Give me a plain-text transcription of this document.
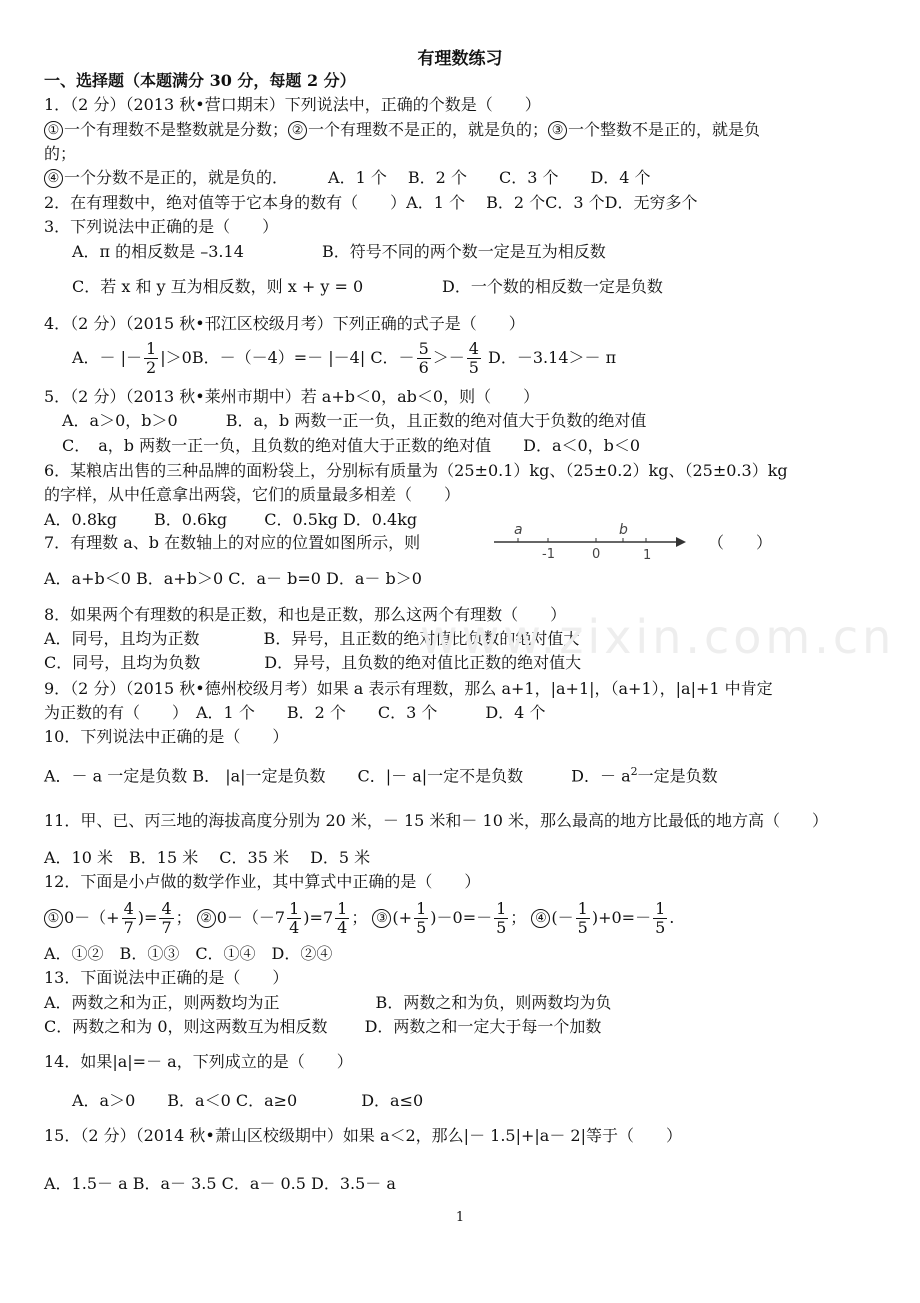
有理数练习
一、选择题（本题满分 30 分，每题 2 分）
1．（2 分）（2013 秋•营口期末）下列说法中，正确的个数是（　　）
① 一个有理数不是整数就是分数； ② 一个有理数不是正的，就是负的； ③ 一个整数不是正的，就是负
的；
④ 一个分数不是正的，就是负的．	A．1 个　 B．2 个　　C．3 个　　D．4 个
2．在有理数中，绝对值等于它本身的数有（　　）A．1 个　 B．2 个C．3 个D．无穷多个
3．下列说法中正确的是（　　）
A．π 的相反数是 –3.14	B．符号不同的两个数一定是互为相反数
C．若 x 和 y 互为相反数，则 x + y = 0	D．一个数的相反数一定是负数
4．（2 分）（2015 秋•邗江区校级月考）下列正确的式子是（　　）
A．－ |－ $\frac{1}{2} |>0B$．－（－4）=－ |－4| C．－ $\frac{5}{6} >- \frac{4}{5}$ D．－3.14＞－ π
5．（2 分）（2013 秋•莱州市期中）若 a+b＜0，ab＜0，则（　　）
A．a＞0，b＞0　　　B．a，b 两数一正一负，且正数的绝对值大于负数的绝对值
C．　a，b 两数一正一负，且负数的绝对值大于正数的绝对值　　D．a＜0，b＜0
6．某粮店出售的三种品牌的面粉袋上，分别标有质量为（25±0.1）kg、（25±0.2）kg、（25±0.3）kg
的字样，从中任意拿出两袋，它们的质量最多相差（　　）
A．0.8kg　　 B．0.6kg　　 C．0.5kg D．0.4kg
7．有理数 a、b 在数轴上的对应的位置如图所示，则
a	b
-1	0	1
（　　）
A．a+b＜0 B．a+b＞0 C．a－ b=0 D．a－ b＞0
8．如果两个有理数的积是正数，和也是正数，那么这两个有理数（　　）
A．同号，且均为正数　　　　B．异号，且正数的绝对值比负数的绝对值大
C．同号，且均为负数　　　　D．异号，且负数的绝对值比正数的绝对值大
9．（2 分）（2015 秋•德州校级月考）如果 a 表示有理数，那么 a+1，|a+1|，（a+1），|a|+1 中肯定
为正数的有（　　）　A．1 个　　B．2 个　　C．3 个　　　D．4 个
10．下列说法中正确的是（　　）
A．－ a 一定是负数 B． |a|一定是负数　　C．|－ a|一定不是负数　　　D．－ $a^2$一定是负数
11．甲、已、丙三地的海拔高度分别为 20 米，－ 15 米和－ 10 米，那么最高的地方比最低的地方高（　　）
A．10 米　B．15 米　 C．35 米　 D．5 米
12．下面是小卢做的数学作业，其中算式中正确的是（　　）
① $0-(+ \frac{4}{7}$ )= $\frac{4}{7}$ ； ② $0-(-7 \frac{1}{4} )=7 \frac{1}{4}$ ； ③ (+ $\frac{1}{5} )-0=- \frac{1}{5}$ ； ④ (－ $\frac{1}{5} )+0=- \frac{1}{5}$ .
A．①②　B．①③　C．①④　D．②④
13．下面说法中正确的是（　　）
A．两数之和为正，则两数均为正　　　　　　B．两数之和为负，则两数均为负
C．两数之和为 0，则这两数互为相反数　　 D．两数之和一定大于每一个加数
14．如果|a|=－ a，下列成立的是（　　）
A．a＞0　　B．a＜0 C．a≥0　　　　D．a≤0
15．（2 分）（2014 秋•萧山区校级期中）如果 a＜2，那么|－ 1.5|+|a－ 2|等于（　　）
A．1.5－ a B．a－ 3.5 C．a－ 0.5 D．3.5－ a
www.zixin.com.cn
1
